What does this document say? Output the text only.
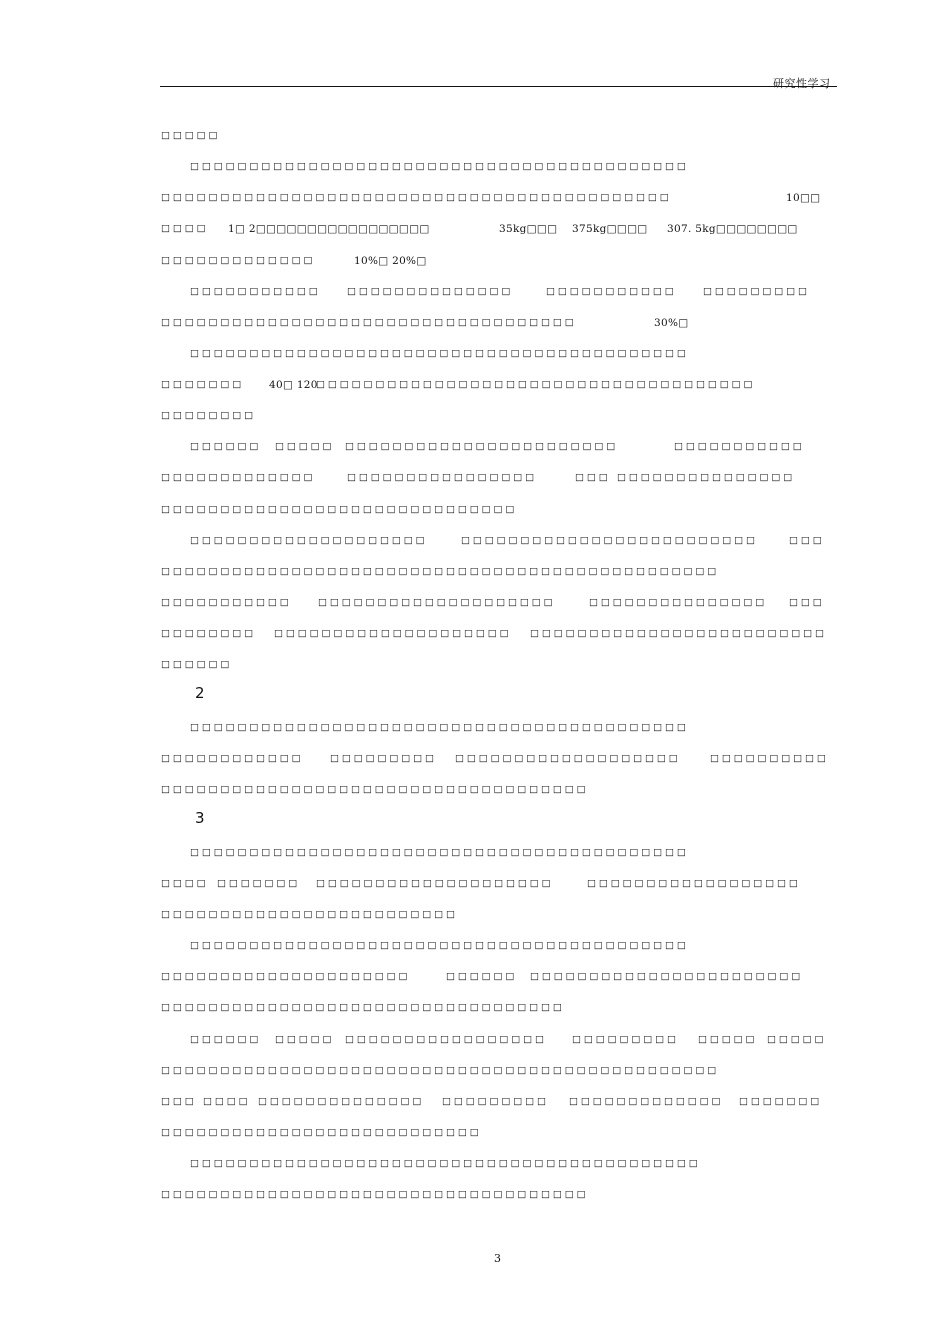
研究性学习
□□□□□
□□□□□□□□□□□□□□□□□□□□□□□□□□□□□□□□□□□□□□□□□□
□□□□□□□□□□□□□□□□□□□□□□□□□□□□□□□□□□□□□□□□□□□	10□□
□□□□ 1□ 2□□□□□□□□□□□□□□□□□	35kg□□□ 375kg□□□□ 307. 5kg□□□□□□□□
□□□□□□□□□□□□□	10%□ 20%□
□□□□□□□□□□□	□□□□□□□□□□□□□□	□□□□□□□□□□□	□□□□□□□□□
□□□□□□□□□□□□□□□□□□□□□□□□□□□□□□□□□□□	30%□
□□□□□□□□□□□□□□□□□□□□□□□□□□□□□□□□□□□□□□□□□□
□□□□□□□ 40□ 120
□□□□□□□□□□□□□□□□□□□□□□□□□□□□□□□□□□□□□
□□□□□□□□
□□□□□□ □□□□□ □□□□□□□□□□□□□□□□□□□□□□□	□□□□□□□□□□□
□□□□□□□□□□□□□	□□□□□□□□□□□□□□□□	□□□ □□□□□□□□□□□□□□□
□□□□□□□□□□□□□□□□□□□□□□□□□□□□□□
□□□□□□□□□□□□□□□□□□□□	□□□□□□□□□□□□□□□□□□□□□□□□□	□□□
□□□□□□□□□□□□□□□□□□□□□□□□□□□□□□□□□□□□□□□□□□□□□□□
□□□□□□□□□□□	□□□□□□□□□□□□□□□□□□□□	□□□□□□□□□□□□□□□ □□□
□□□□□□□□ □□□□□□□□□□□□□□□□□□□□ □□□□□□□□□□□□□□□□□□□□□□□□□
□□□□□□
2
□□□□□□□□□□□□□□□□□□□□□□□□□□□□□□□□□□□□□□□□□□
□□□□□□□□□□□□	□□□□□□□□□ □□□□□□□□□□□□□□□□□□□	□□□□□□□□□□
□□□□□□□□□□□□□□□□□□□□□□□□□□□□□□□□□□□□
3
□□□□□□□□□□□□□□□□□□□□□□□□□□□□□□□□□□□□□□□□□□
□□□□ □□□□□□□ □□□□□□□□□□□□□□□□□□□□	□□□□□□□□□□□□□□□□□□
□□□□□□□□□□□□□□□□□□□□□□□□□
□□□□□□□□□□□□□□□□□□□□□□□□□□□□□□□□□□□□□□□□□□
□□□□□□□□□□□□□□□□□□□□□	□□□□□□ □□□□□□□□□□□□□□□□□□□□□□□
□□□□□□□□□□□□□□□□□□□□□□□□□□□□□□□□□□
□□□□□□ □□□□□ □□□□□□□□□□□□□□□□□	□□□□□□□□□ □□□□□ □□□□□
□□□□□□□□□□□□□□□□□□□□□□□□□□□□□□□□□□□□□□□□□□□□□□□
□□□ □□□□ □□□□□□□□□□□□□□ □□□□□□□□□ □□□□□□□□□□□□□ □□□□□□□
□□□□□□□□□□□□□□□□□□□□□□□□□□□
□□□□□□□□□□□□□□□□□□□□□□□□□□□□□□□□□□□□□□□□□□□
□□□□□□□□□□□□□□□□□□□□□□□□□□□□□□□□□□□□
3
